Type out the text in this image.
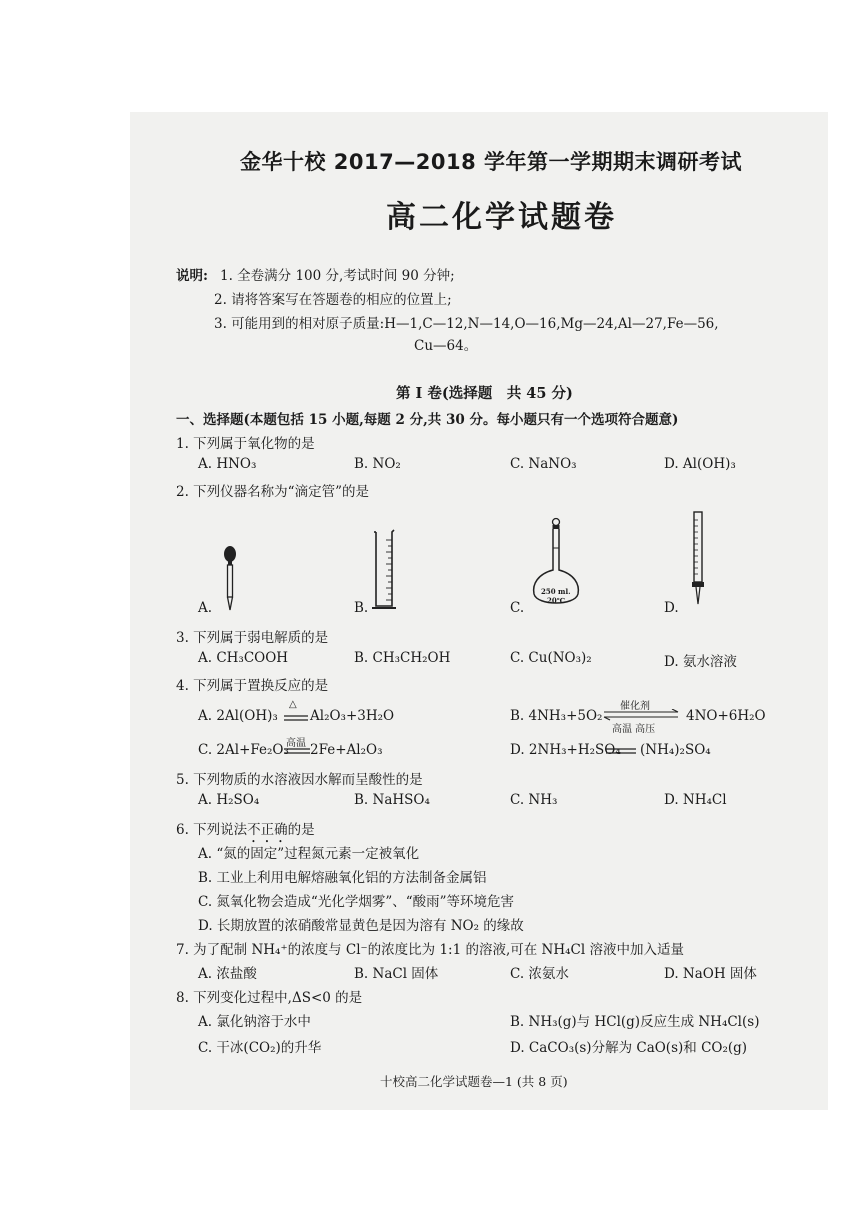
金华十校 2017—2018 学年第一学期期末调研考试
高二化学试题卷
说明: 1. 全卷满分 100 分,考试时间 90 分钟;
2. 请将答案写在答题卷的相应的位置上;
3. 可能用到的相对原子质量:H—1,C—12,N—14,O—16,Mg—24,Al—27,Fe—56,
Cu—64。
第 I 卷(选择题　共 45 分)
一、选择题(本题包括 15 小题,每题 2 分,共 30 分。每小题只有一个选项符合题意)
1. 下列属于氧化物的是
A. HNO₃	B. NO₂	C. NaNO₃	D. Al(OH)₃
2. 下列仪器名称为“滴定管”的是
A.	B.
250 ml.
20℃
C.	D.
3. 下列属于弱电解质的是
A. CH₃COOH	B. CH₃CH₂OH	C. Cu(NO₃)₂	D. 氨水溶液
4. 下列属于置换反应的是
A. 2Al(OH)₃
△
Al₂O₃+3H₂O	B. 4NH₃+5O₂
催化剂
高温 高压
4NO+6H₂O
C. 2Al+Fe₂O₃
高温 2Fe+Al₂O₃	D. 2NH₃+H₂SO₄ (NH₄)₂SO₄
5. 下列物质的水溶液因水解而呈酸性的是
A. H₂SO₄	B. NaHSO₄	C. NH₃	D. NH₄Cl
6. 下列说法不正确的是
A. “氮的固定”过程氮元素一定被氧化
B. 工业上利用电解熔融氧化铝的方法制备金属铝
C. 氮氧化物会造成“光化学烟雾”、“酸雨”等环境危害
D. 长期放置的浓硝酸常显黄色是因为溶有 NO₂ 的缘故
7. 为了配制 NH₄⁺的浓度与 Cl⁻的浓度比为 1:1 的溶液,可在 NH₄Cl 溶液中加入适量
A. 浓盐酸	B. NaCl 固体	C. 浓氨水	D. NaOH 固体
8. 下列变化过程中,ΔS<0 的是
A. 氯化钠溶于水中	B. NH₃(g)与 HCl(g)反应生成 NH₄Cl(s)
C. 干冰(CO₂)的升华	D. CaCO₃(s)分解为 CaO(s)和 CO₂(g)
十校高二化学试题卷—1 (共 8 页)
